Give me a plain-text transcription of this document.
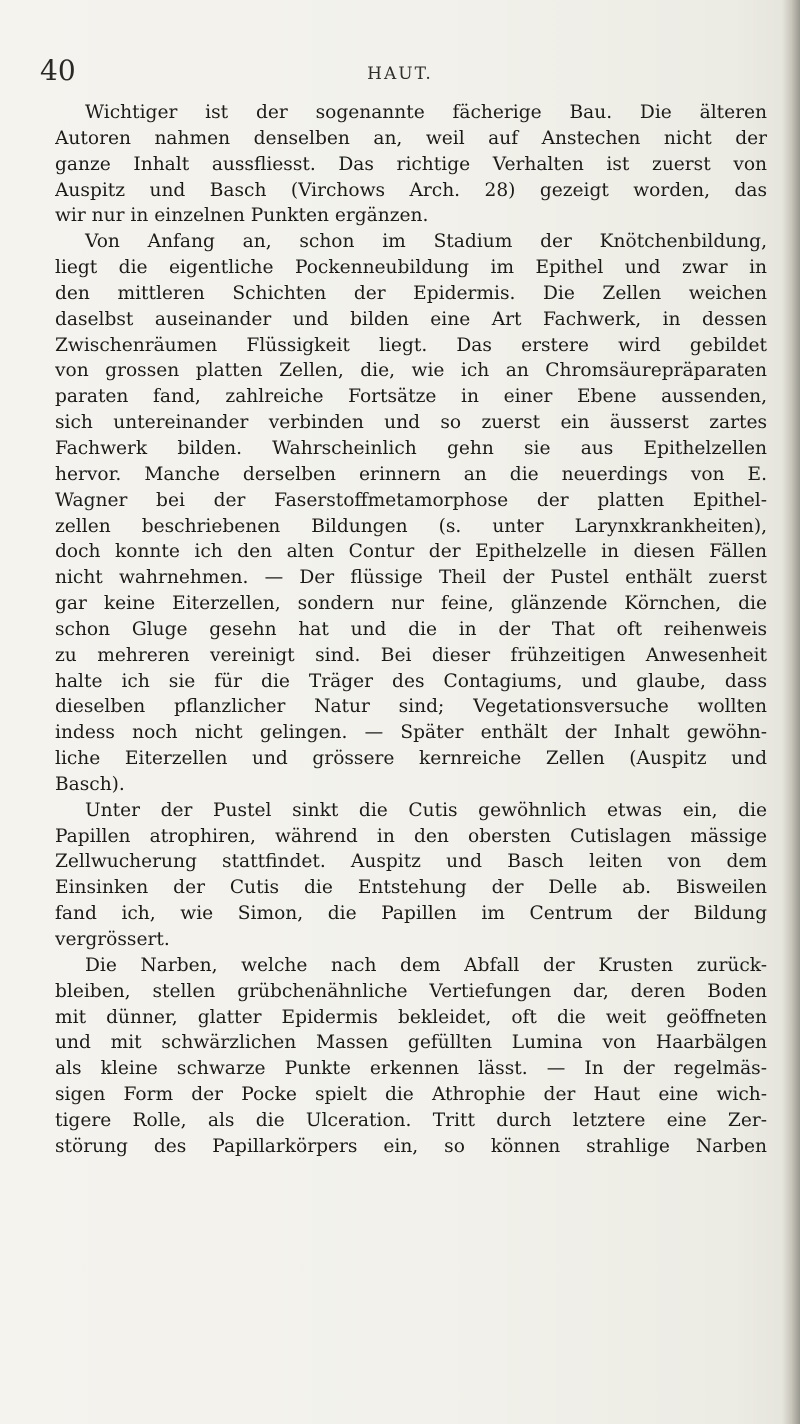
40	HAUT.
Wichtiger ist der sogenannte fächerige Bau. Die älteren
Autoren nahmen denselben an, weil auf Anstechen nicht der
ganze Inhalt aussfliesst. Das richtige Verhalten ist zuerst von
Auspitz und Basch (Virchows Arch. 28) gezeigt worden, das
wir nur in einzelnen Punkten ergänzen.
Von Anfang an, schon im Stadium der Knötchenbildung,
liegt die eigentliche Pockenneubildung im Epithel und zwar in
den mittleren Schichten der Epidermis. Die Zellen weichen
daselbst auseinander und bilden eine Art Fachwerk, in dessen
Zwischenräumen Flüssigkeit liegt. Das erstere wird gebildet
von grossen platten Zellen, die, wie ich an Chromsäurepräparaten
paraten fand, zahlreiche Fortsätze in einer Ebene aussenden,
sich untereinander verbinden und so zuerst ein äusserst zartes
Fachwerk bilden. Wahrscheinlich gehn sie aus Epithelzellen
hervor. Manche derselben erinnern an die neuerdings von E.
Wagner bei der Faserstoffmetamorphose der platten Epithel-
zellen beschriebenen Bildungen (s. unter Larynxkrankheiten),
doch konnte ich den alten Contur der Epithelzelle in diesen Fällen
nicht wahrnehmen. — Der flüssige Theil der Pustel enthält zuerst
gar keine Eiterzellen, sondern nur feine, glänzende Körnchen, die
schon Gluge gesehn hat und die in der That oft reihenweis
zu mehreren vereinigt sind. Bei dieser frühzeitigen Anwesenheit
halte ich sie für die Träger des Contagiums, und glaube, dass
dieselben pflanzlicher Natur sind; Vegetationsversuche wollten
indess noch nicht gelingen. — Später enthält der Inhalt gewöhn-
liche Eiterzellen und grössere kernreiche Zellen (Auspitz und
Basch).
Unter der Pustel sinkt die Cutis gewöhnlich etwas ein, die
Papillen atrophiren, während in den obersten Cutislagen mässige
Zellwucherung stattfindet. Auspitz und Basch leiten von dem
Einsinken der Cutis die Entstehung der Delle ab. Bisweilen
fand ich, wie Simon, die Papillen im Centrum der Bildung
vergrössert.
Die Narben, welche nach dem Abfall der Krusten zurück-
bleiben, stellen grübchenähnliche Vertiefungen dar, deren Boden
mit dünner, glatter Epidermis bekleidet, oft die weit geöffneten
und mit schwärzlichen Massen gefüllten Lumina von Haarbälgen
als kleine schwarze Punkte erkennen lässt. — In der regelmäs-
sigen Form der Pocke spielt die Athrophie der Haut eine wich-
tigere Rolle, als die Ulceration. Tritt durch letztere eine Zer-
störung des Papillarkörpers ein, so können strahlige Narben
